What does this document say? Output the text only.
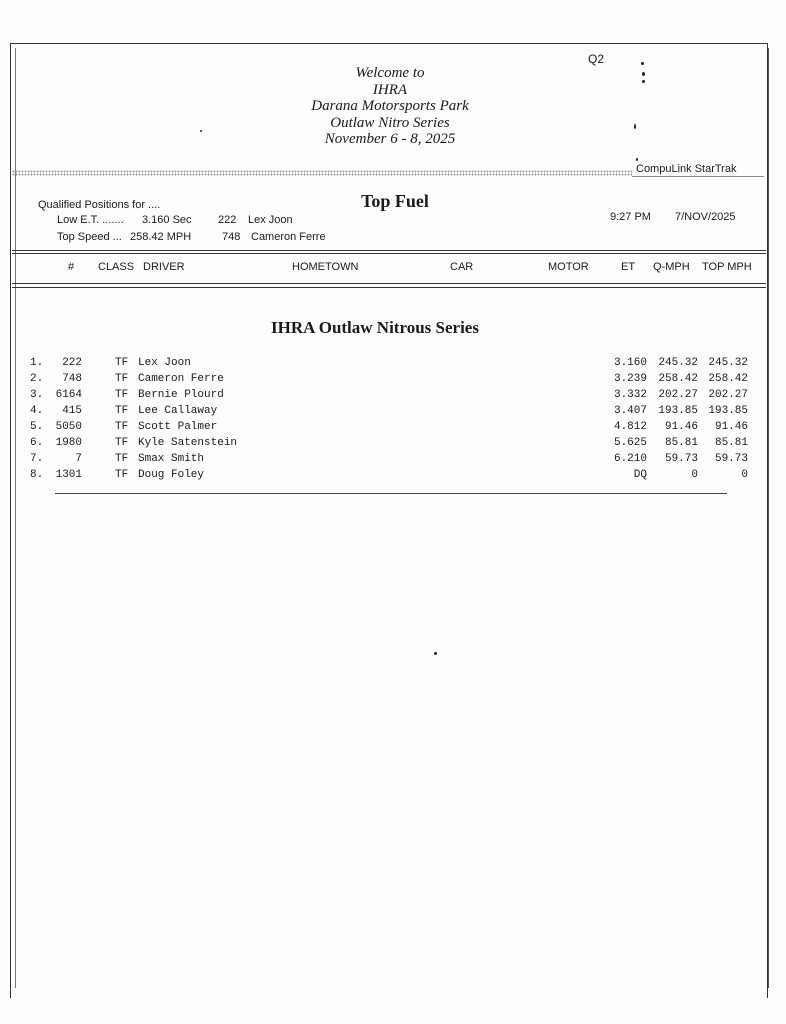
Q2
Welcome to
IHRA
Darana Motorsports Park
Outlaw Nitro Series
November 6 - 8, 2025
CompuLink StarTrak
Qualified Positions for ....
Low E.T. ....... 3.160 Sec 222 Lex Joon
Top Speed ... 258.42 MPH	748 Cameron Ferre
Top Fuel
9:27 PM 7/NOV/2025
# CLASS DRIVER	HOMETOWN	CAR	MOTOR	ET Q-MPH TOP MPH
IHRA Outlaw Nitrous Series
1.	222	TF Lex Joon	3.160	245.32 245.32
2.	748	TF Cameron Ferre	3.239	258.42 258.42
3.	6164	TF Bernie Plourd	3.332	202.27 202.27
4.	415	TF Lee Callaway	3.407	193.85 193.85
5.	5050	TF Scott Palmer	4.812	91.46	91.46
6.	1980	TF Kyle Satenstein	5.625	85.81	85.81
7.	7	TF Smax Smith	6.210	59.73	59.73
8.	1301	TF Doug Foley	DQ	0	0
